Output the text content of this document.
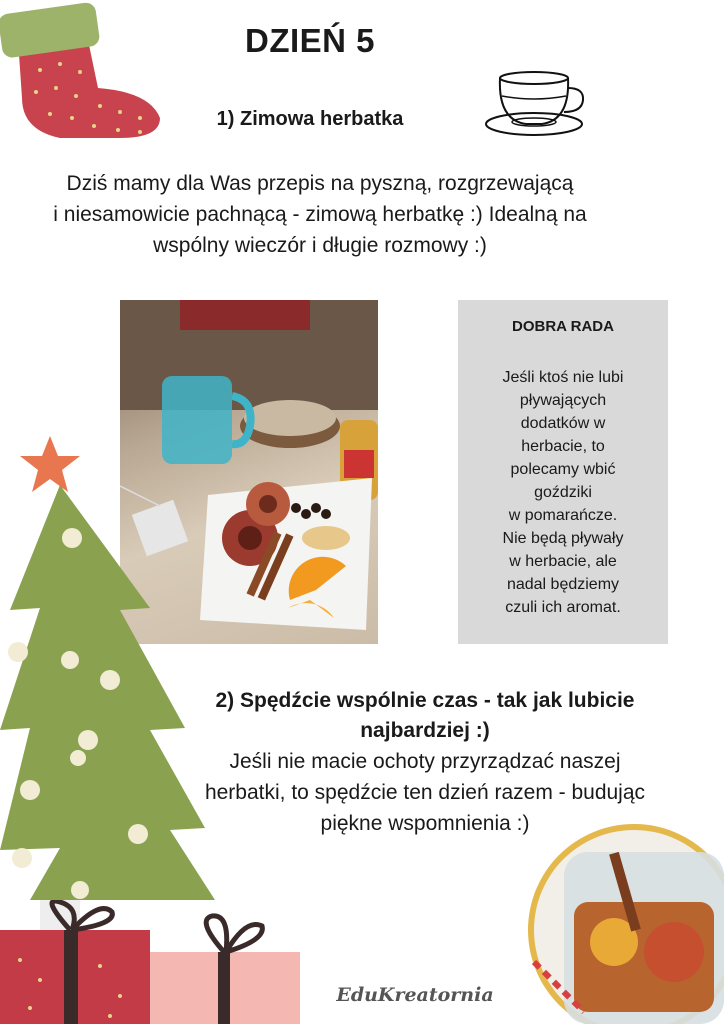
DZIEŃ 5
1) Zimowa herbatka
Dziś mamy dla Was przepis na pyszną, rozgrzewającą
i niesamowicie pachnącą - zimową herbatkę :) Idealną na
wspólny wieczór i długie rozmowy :)
DOBRA RADA
Jeśli ktoś nie lubi
pływających
dodatków w
herbacie, to
polecamy wbić
goździki
w pomarańcze.
Nie będą pływały
w herbacie, ale
nadal będziemy
czuli ich aromat.
2) Spędźcie wspólnie czas - tak jak lubicie
najbardziej :)
Jeśli nie macie ochoty przyrządzać naszej
herbatki, to spędźcie ten dzień razem - budując
piękne wspomnienia :)
EduKreatornia
